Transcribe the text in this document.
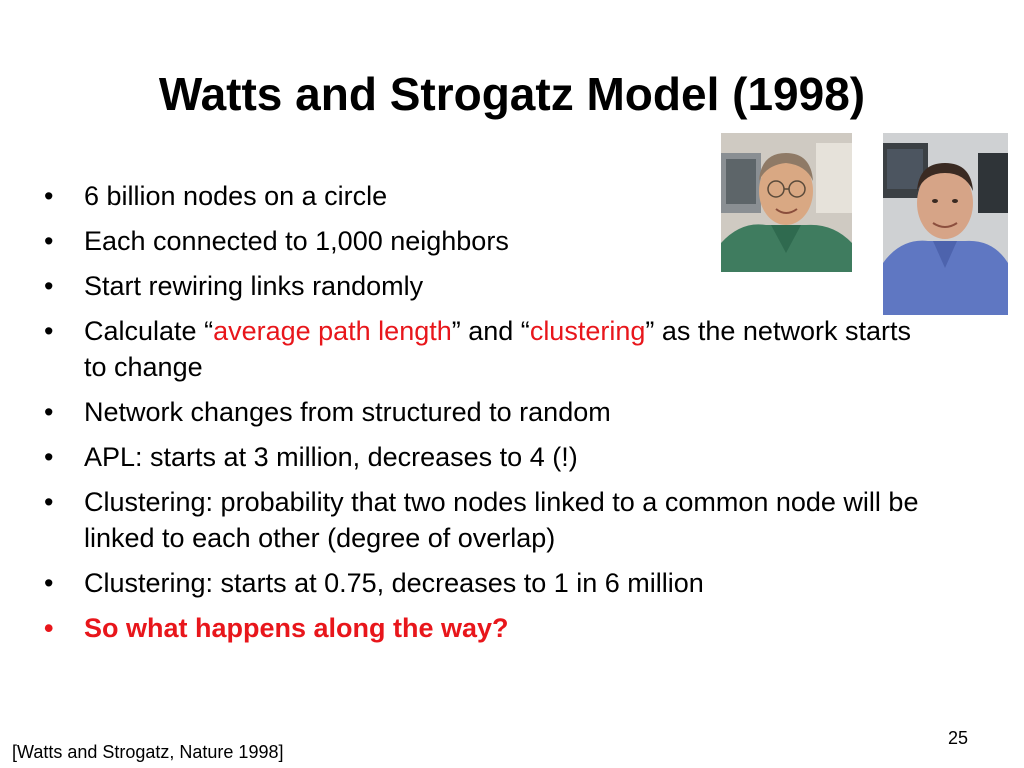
Watts and Strogatz Model (1998)
•	6 billion nodes on a circle
•	Each connected to 1,000 neighbors
•	Start rewiring links randomly
•	Calculate “average path length” and “clustering” as the network starts to change
•	Network changes from structured to random
•	APL: starts at 3 million, decreases to 4 (!)
•	Clustering: probability that two nodes linked to a common node will be linked to each other (degree of overlap)
•	Clustering: starts at 0.75, decreases to 1 in 6 million
•	So what happens along the way?
[Watts and Strogatz, Nature 1998]
25
